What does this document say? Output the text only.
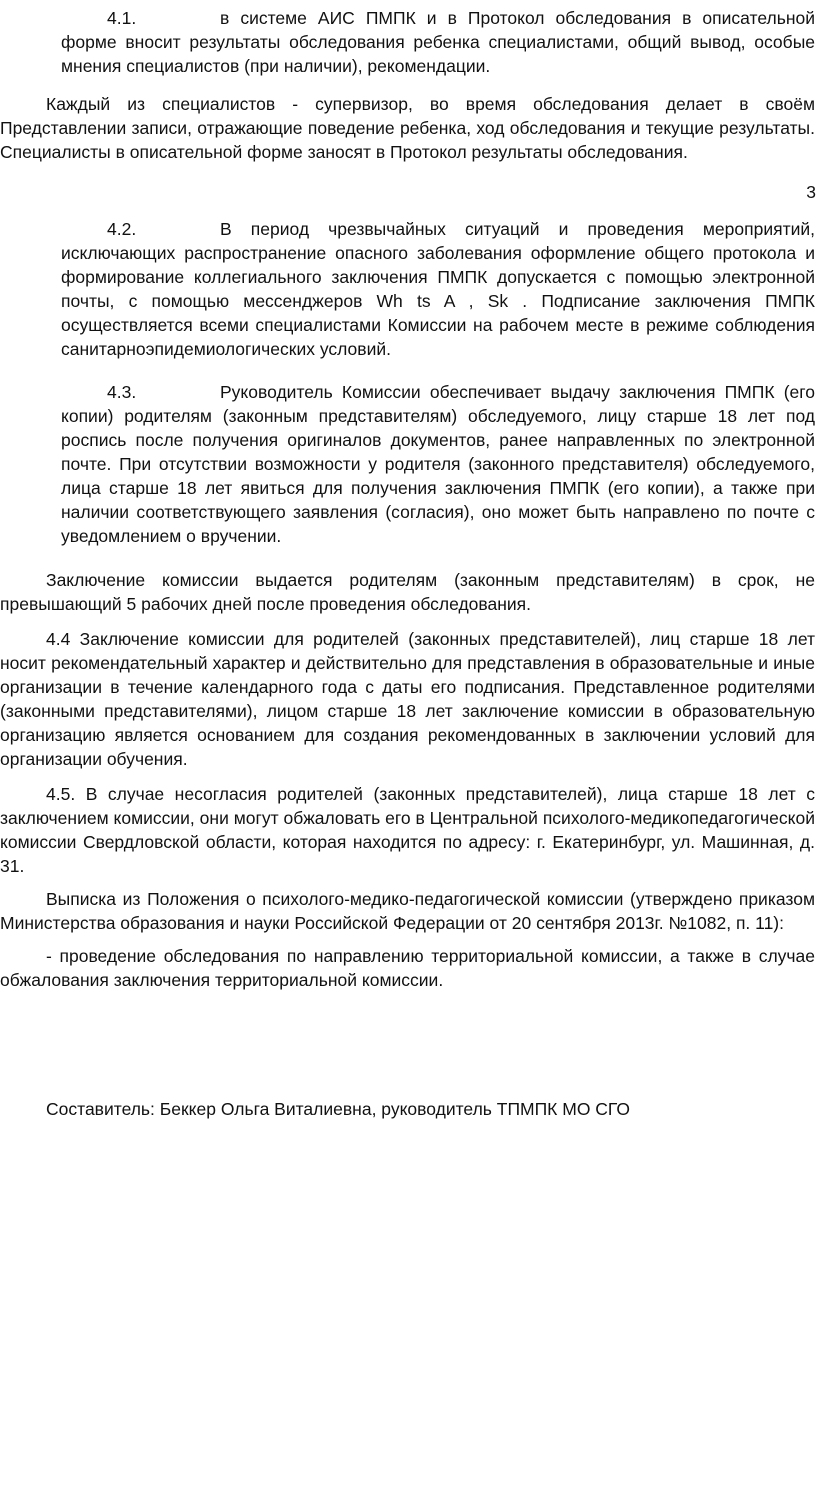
4.1.	в системе АИС ПМПК и в Протокол обследования в описательной форме вносит результаты обследования ребенка специалистами, общий вывод, особые мнения специалистов (при наличии), рекомендации.

Каждый из специалистов - супервизор, во время обследования делает в своём Представлении записи, отражающие поведение ребенка, ход обследования и текущие результаты. Специалисты в описательной форме заносят в Протокол результаты обследования.

3

4.2.	В период чрезвычайных ситуаций и проведения мероприятий, исключающих распространение опасного заболевания оформление общего протокола и формирование коллегиального заключения ПМПК допускается с помощью электронной почты, с помощью мессенджеров Wh ts A , Sk . Подписание заключения ПМПК осуществляется всеми специалистами Комиссии на рабочем месте в режиме соблюдения санитарноэпидемиологических условий.

4.3.	Руководитель Комиссии обеспечивает выдачу заключения ПМПК (его копии) родителям (законным представителям) обследуемого, лицу старше 18 лет под роспись после получения оригиналов документов, ранее направленных по электронной почте. При отсутствии возможности у родителя (законного представителя) обследуемого, лица старше 18 лет явиться для получения заключения ПМПК (его копии), а также при наличии соответствующего заявления (согласия), оно может быть направлено по почте с уведомлением о вручении.

Заключение комиссии выдается родителям (законным представителям) в срок, не превышающий 5 рабочих дней после проведения обследования.

4.4 Заключение комиссии для родителей (законных представителей), лиц старше 18 лет носит рекомендательный характер и действительно для представления в образовательные и иные организации в течение календарного года с даты его подписания. Представленное родителями (законными представителями), лицом старше 18 лет заключение комиссии в образовательную организацию является основанием для создания рекомендованных в заключении условий для организации обучения.

4.5. В случае несогласия родителей (законных представителей), лица старше 18 лет с заключением комиссии, они могут обжаловать его в Центральной психолого-медикопедагогической комиссии Свердловской области, которая находится по адресу: г. Екатеринбург, ул. Машинная, д. 31.

Выписка из Положения о психолого-медико-педагогической комиссии (утверждено приказом Министерства образования и науки Российской Федерации от 20 сентября 2013г. №1082, п. 11):

- проведение обследования по направлению территориальной комиссии, а также в случае обжалования заключения территориальной комиссии.

Составитель: Беккер Ольга Виталиевна, руководитель ТПМПК МО СГО
